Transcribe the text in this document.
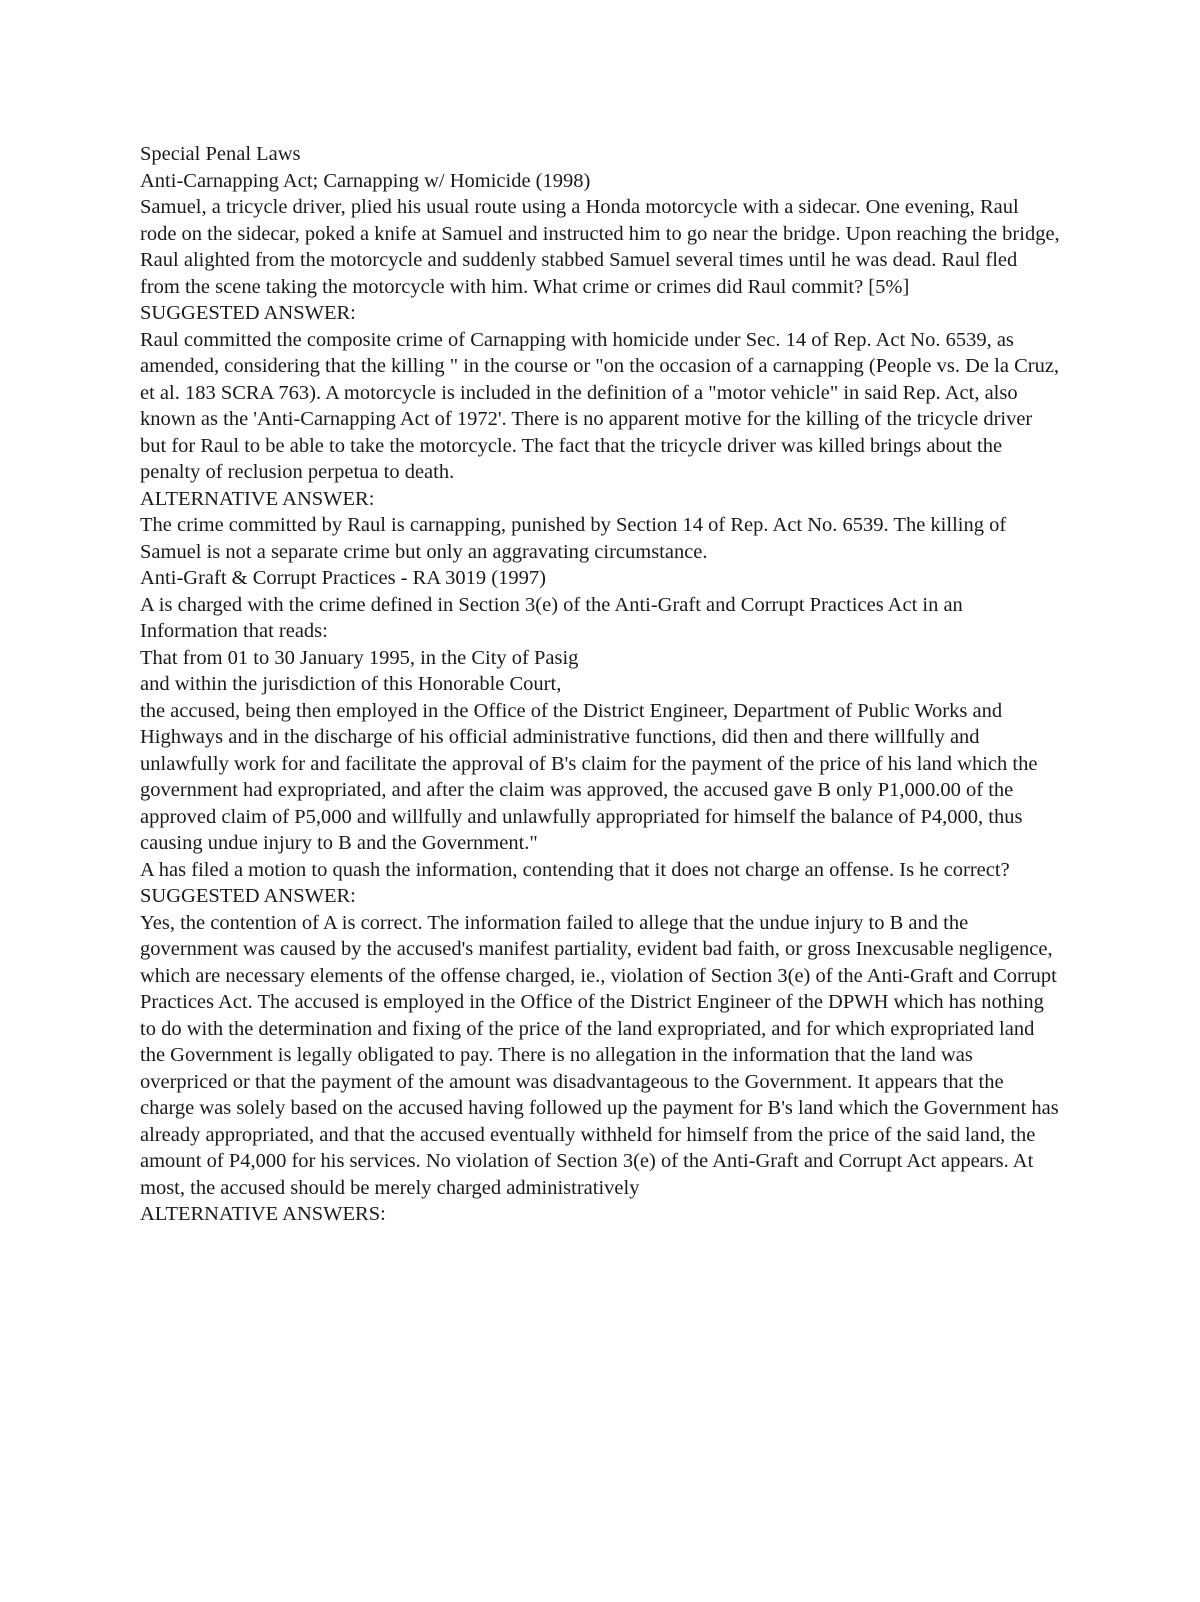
Special Penal Laws

Anti-Carnapping Act; Carnapping w/ Homicide (1998)

Samuel, a tricycle driver, plied his usual route using a Honda motorcycle with a sidecar. One evening, Raul rode on the sidecar, poked a knife at Samuel and instructed him to go near the bridge. Upon reaching the bridge, Raul alighted from the motorcycle and suddenly stabbed Samuel several times until he was dead. Raul fled from the scene taking the motorcycle with him. What crime or crimes did Raul commit? [5%]

SUGGESTED ANSWER:

Raul committed the composite crime of Carnapping with homicide under Sec. 14 of Rep. Act No. 6539, as amended, considering that the killing " in the course or "on the occasion of a carnapping (People vs. De la Cruz, et al. 183 SCRA 763). A motorcycle is included in the definition of a "motor vehicle" in said Rep. Act, also known as the 'Anti-Carnapping Act of 1972'. There is no apparent motive for the killing of the tricycle driver but for Raul to be able to take the motorcycle. The fact that the tricycle driver was killed brings about the penalty of reclusion perpetua to death.

ALTERNATIVE ANSWER:

The crime committed by Raul is carnapping, punished by Section 14 of Rep. Act No. 6539. The killing of Samuel is not a separate crime but only an aggravating circumstance.

Anti-Graft & Corrupt Practices - RA 3019 (1997)

A is charged with the crime defined in Section 3(e) of the Anti-Graft and Corrupt Practices Act in an Information that reads:

That from 01 to 30 January 1995, in the City of Pasig

and within the jurisdiction of this Honorable Court,

the accused, being then employed in the Office of the District Engineer, Department of Public Works and Highways and in the discharge of his official administrative functions, did then and there willfully and unlawfully work for and facilitate the approval of B's claim for the payment of the price of his land which the government had expropriated, and after the claim was approved, the accused gave B only P1,000.00 of the approved claim of P5,000 and willfully and unlawfully appropriated for himself the balance of P4,000, thus causing undue injury to B and the Government."

A has filed a motion to quash the information, contending that it does not charge an offense. Is he correct?

SUGGESTED ANSWER:

Yes, the contention of A is correct. The information failed to allege that the undue injury to B and the government was caused by the accused's manifest partiality, evident bad faith, or gross Inexcusable negligence, which are necessary elements of the offense charged, ie., violation of Section 3(e) of the Anti-Graft and Corrupt Practices Act. The accused is employed in the Office of the District Engineer of the DPWH which has nothing to do with the determination and fixing of the price of the land expropriated, and for which expropriated land the Government is legally obligated to pay. There is no allegation in the information that the land was overpriced or that the payment of the amount was disadvantageous to the Government. It appears that the charge was solely based on the accused having followed up the payment for B's land which the Government has already appropriated, and that the accused eventually withheld for himself from the price of the said land, the amount of P4,000 for his services. No violation of Section 3(e) of the Anti-Graft and Corrupt Act appears. At most, the accused should be merely charged administratively

ALTERNATIVE ANSWERS:
